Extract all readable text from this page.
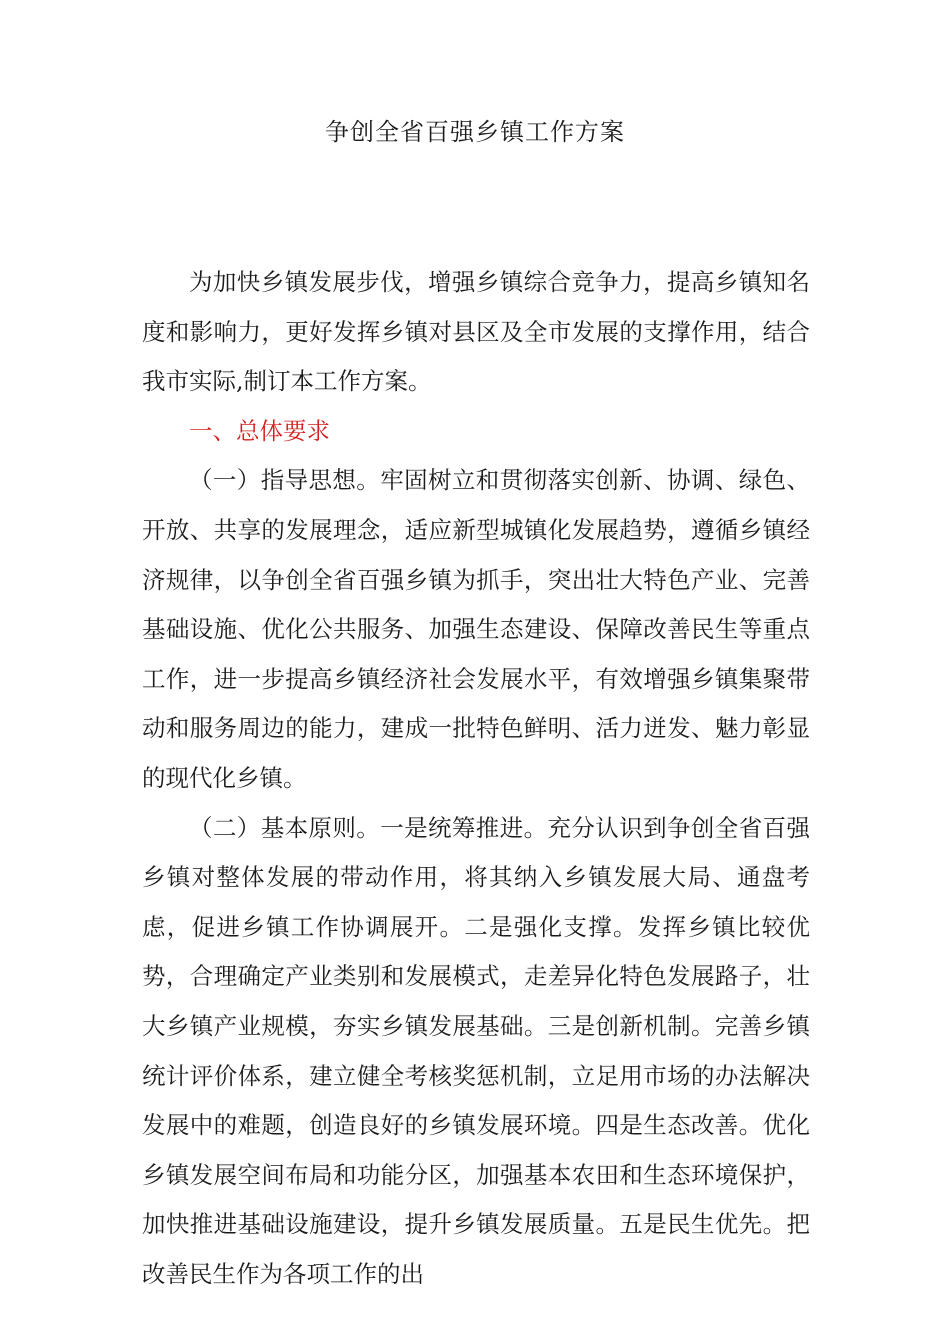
争创全省百强乡镇工作方案

为加快乡镇发展步伐，增强乡镇综合竞争力，提高乡镇知名度和影响力，更好发挥乡镇对县区及全市发展的支撑作用，结合我市实际,制订本工作方案。

一、总体要求

（一）指导思想。牢固树立和贯彻落实创新、协调、绿色、开放、共享的发展理念，适应新型城镇化发展趋势，遵循乡镇经济规律，以争创全省百强乡镇为抓手，突出壮大特色产业、完善基础设施、优化公共服务、加强生态建设、保障改善民生等重点工作，进一步提高乡镇经济社会发展水平，有效增强乡镇集聚带动和服务周边的能力，建成一批特色鲜明、活力迸发、魅力彰显的现代化乡镇。

（二）基本原则。一是统筹推进。充分认识到争创全省百强乡镇对整体发展的带动作用，将其纳入乡镇发展大局、通盘考虑，促进乡镇工作协调展开。二是强化支撑。发挥乡镇比较优势，合理确定产业类别和发展模式，走差异化特色发展路子，壮大乡镇产业规模，夯实乡镇发展基础。三是创新机制。完善乡镇统计评价体系，建立健全考核奖惩机制，立足用市场的办法解决发展中的难题，创造良好的乡镇发展环境。四是生态改善。优化乡镇发展空间布局和功能分区，加强基本农田和生态环境保护，加快推进基础设施建设，提升乡镇发展质量。五是民生优先。把改善民生作为各项工作的出
